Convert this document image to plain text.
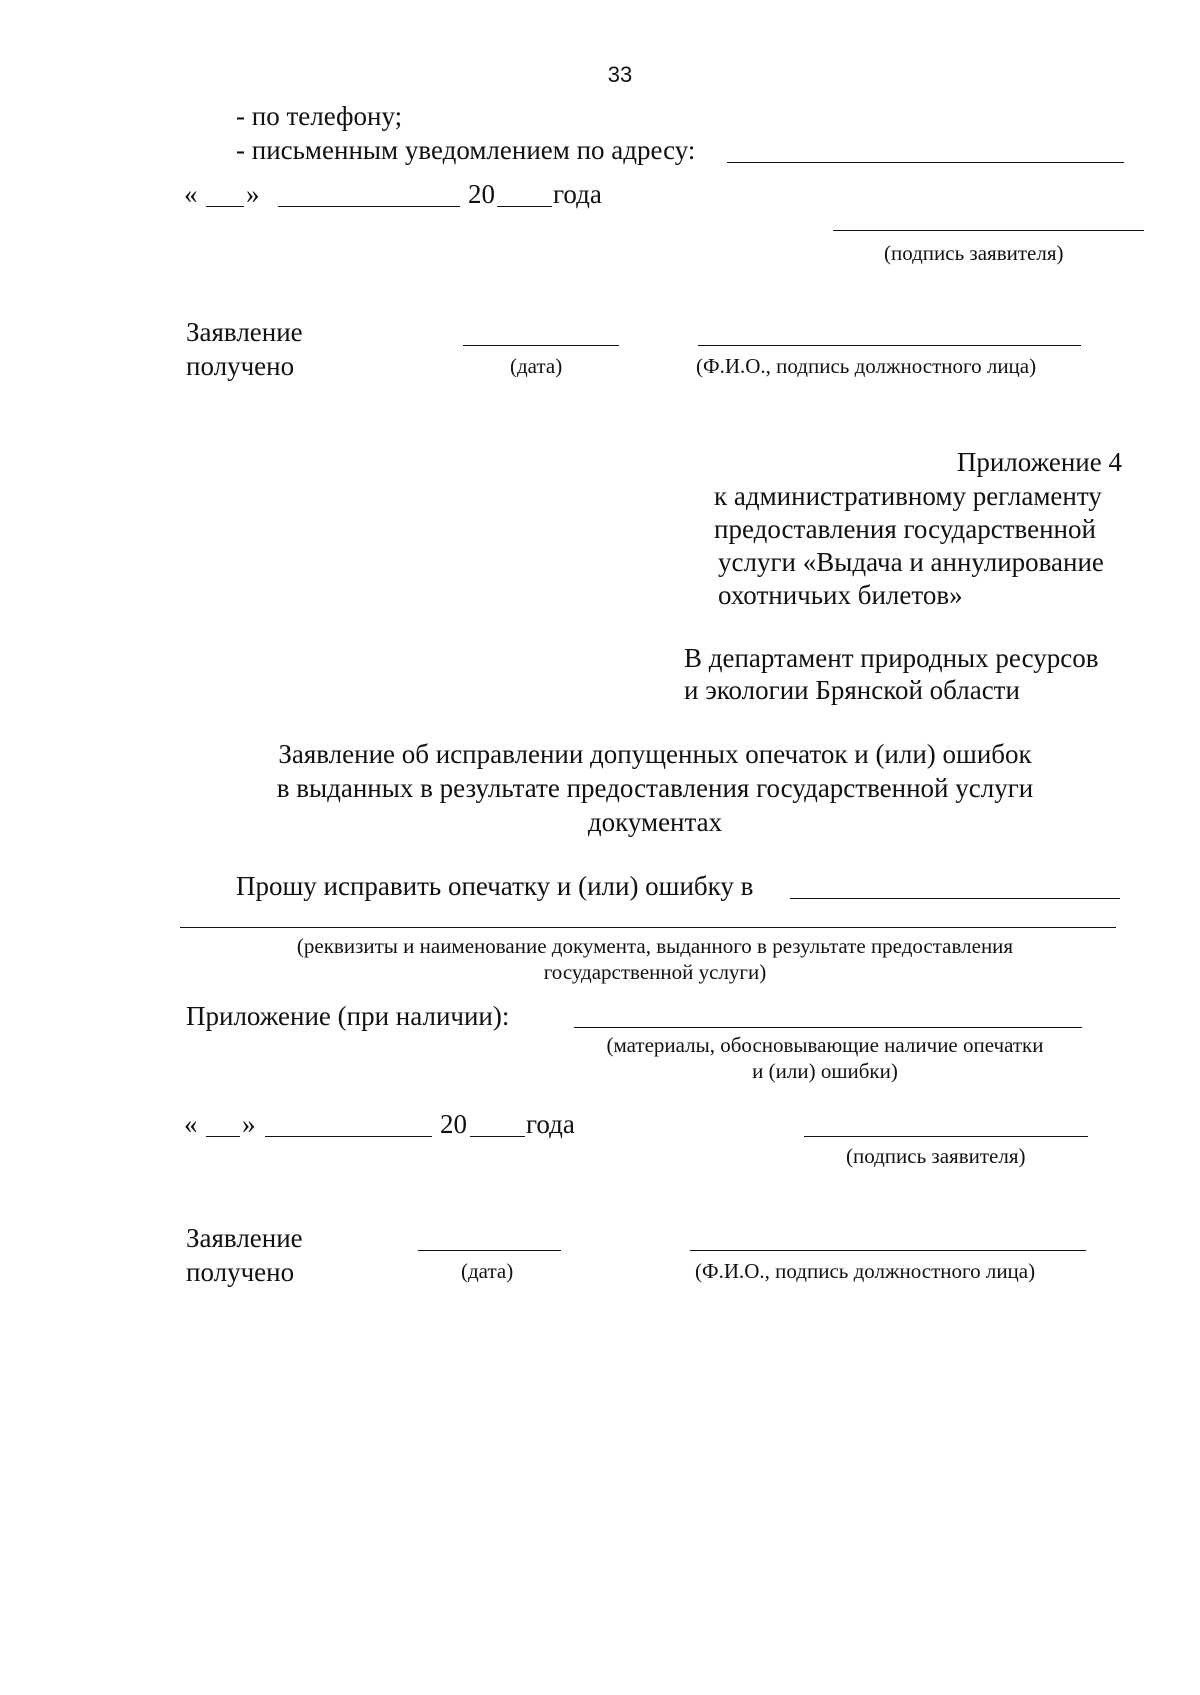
33
- по телефону;
- письменным уведомлением по адресу:
« »	20 года
(подпись заявителя)
Заявление
получено	(дата)	(Ф.И.О., подпись должностного лица)
Приложение 4
к административному регламенту
предоставления государственной
услуги «Выдача и аннулирование
охотничьих билетов»
В департамент природных ресурсов
и экологии Брянской области
Заявление об исправлении допущенных опечаток и (или) ошибок
в выданных в результате предоставления государственной услуги
документах
Прошу исправить опечатку и (или) ошибку в
(реквизиты и наименование документа, выданного в результате предоставления
государственной услуги)
Приложение (при наличии):
(материалы, обосновывающие наличие опечатки
и (или) ошибки)
« »	20 года
(подпись заявителя)
Заявление
получено	(дата)	(Ф.И.О., подпись должностного лица)
